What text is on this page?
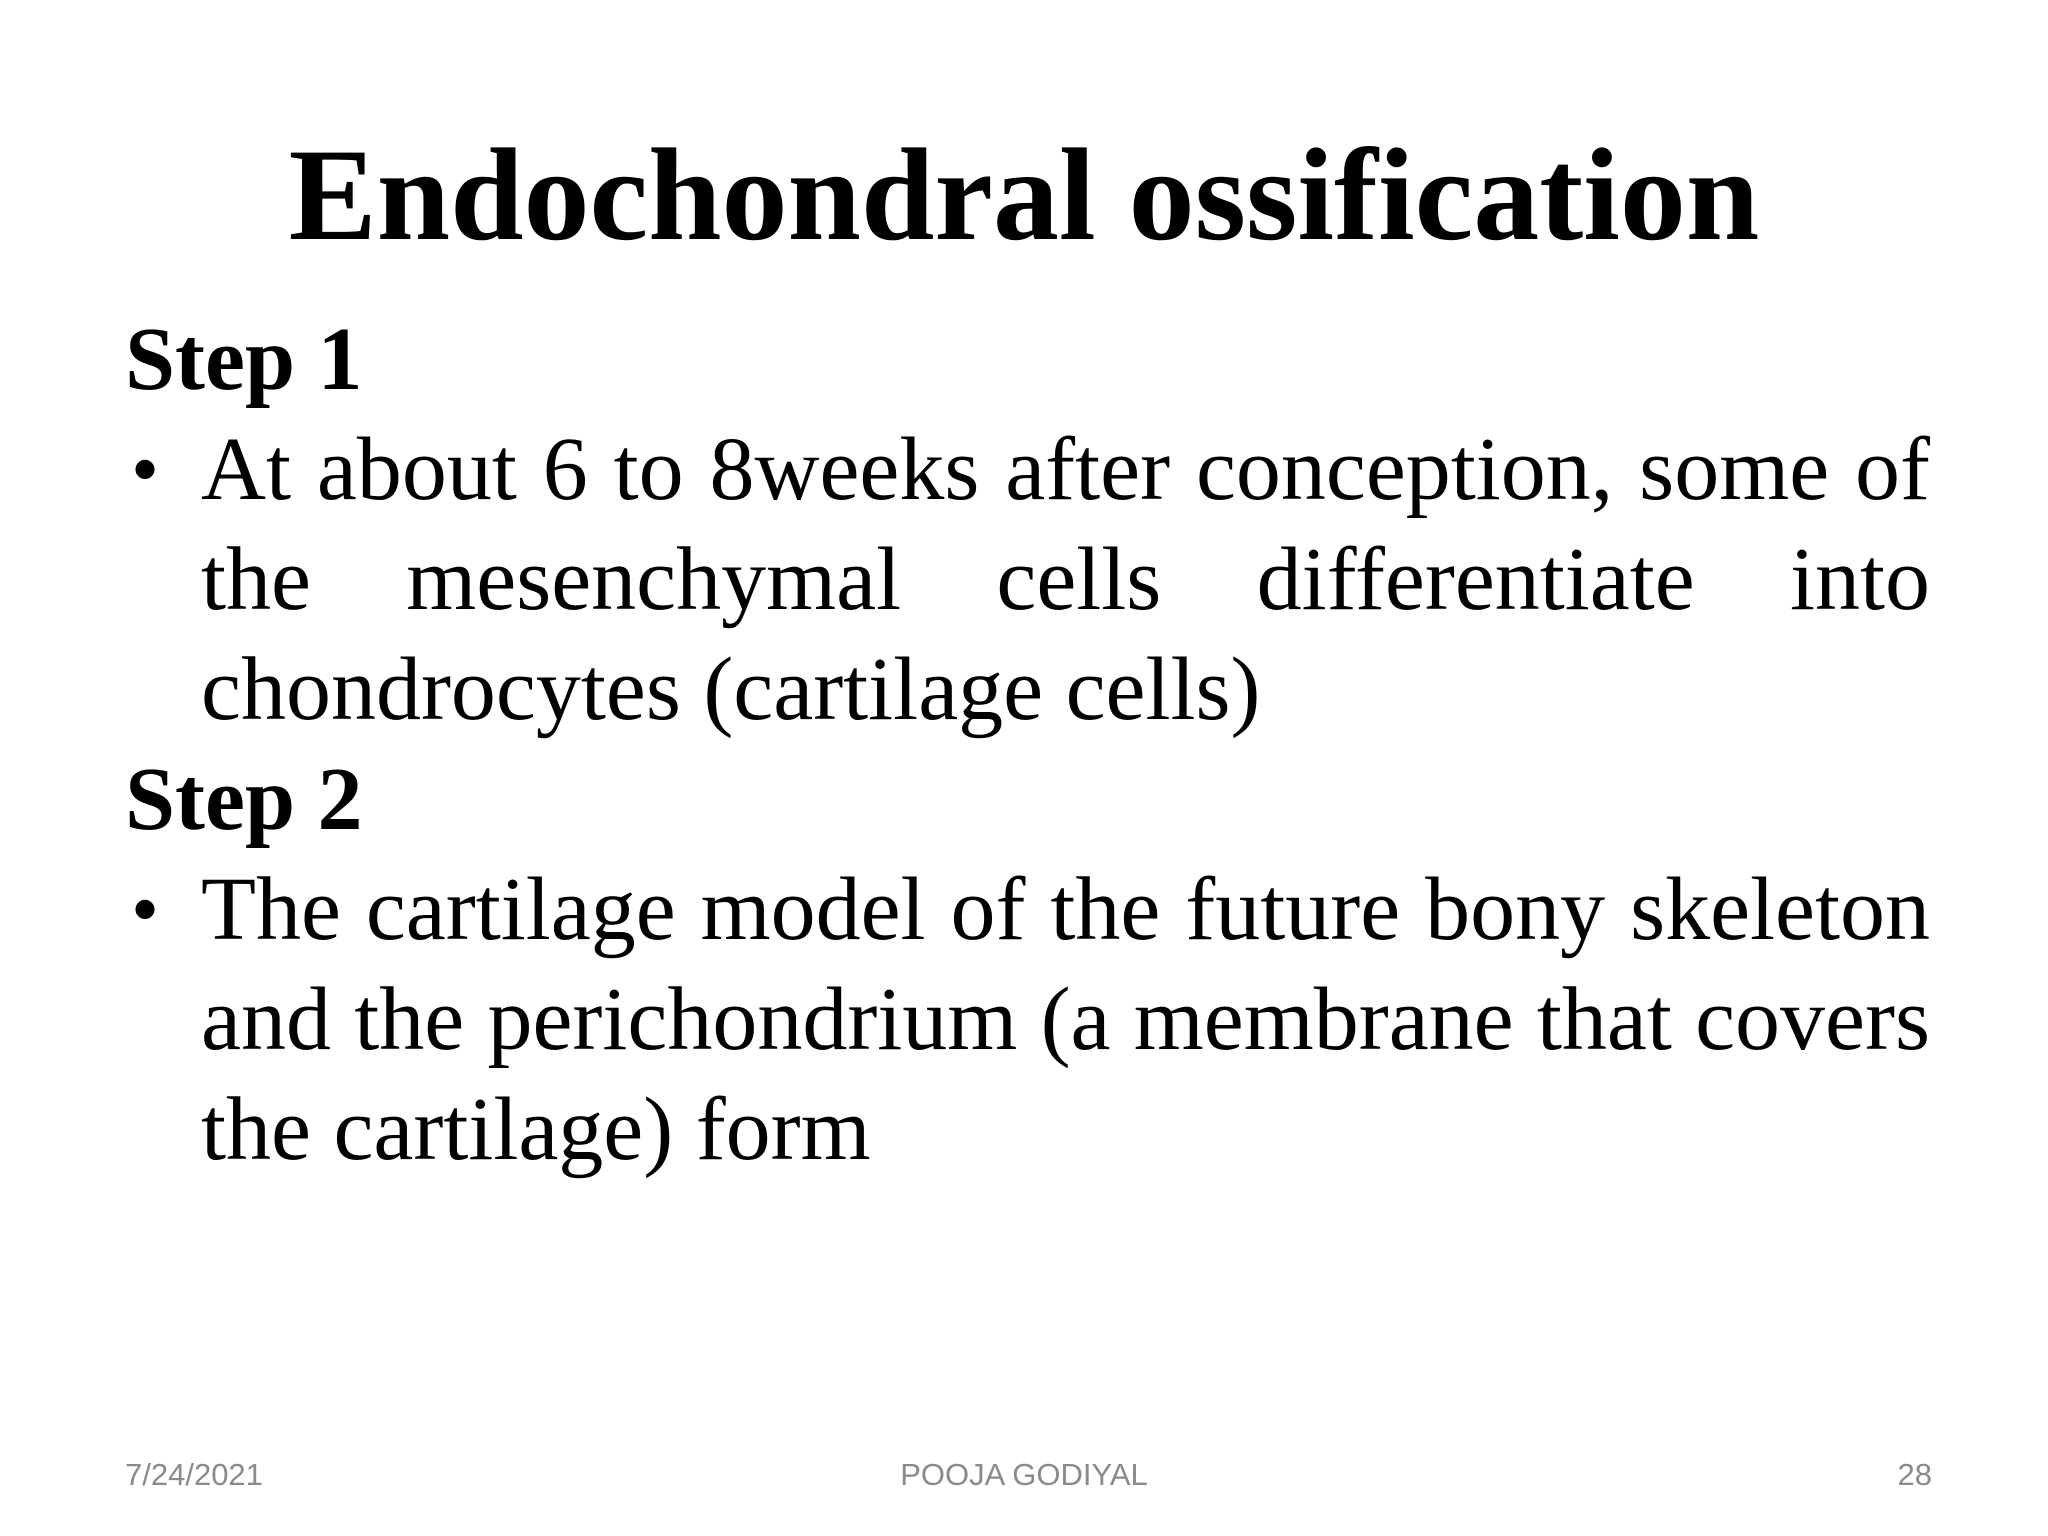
Endochondral ossification

Step 1

• At about 6 to 8weeks after conception, some of the mesenchymal cells differentiate into chondrocytes (cartilage cells)

Step 2

• The cartilage model of the future bony skeleton and the perichondrium (a membrane that covers the cartilage) form

7/24/2021	POOJA GODIYAL	28
